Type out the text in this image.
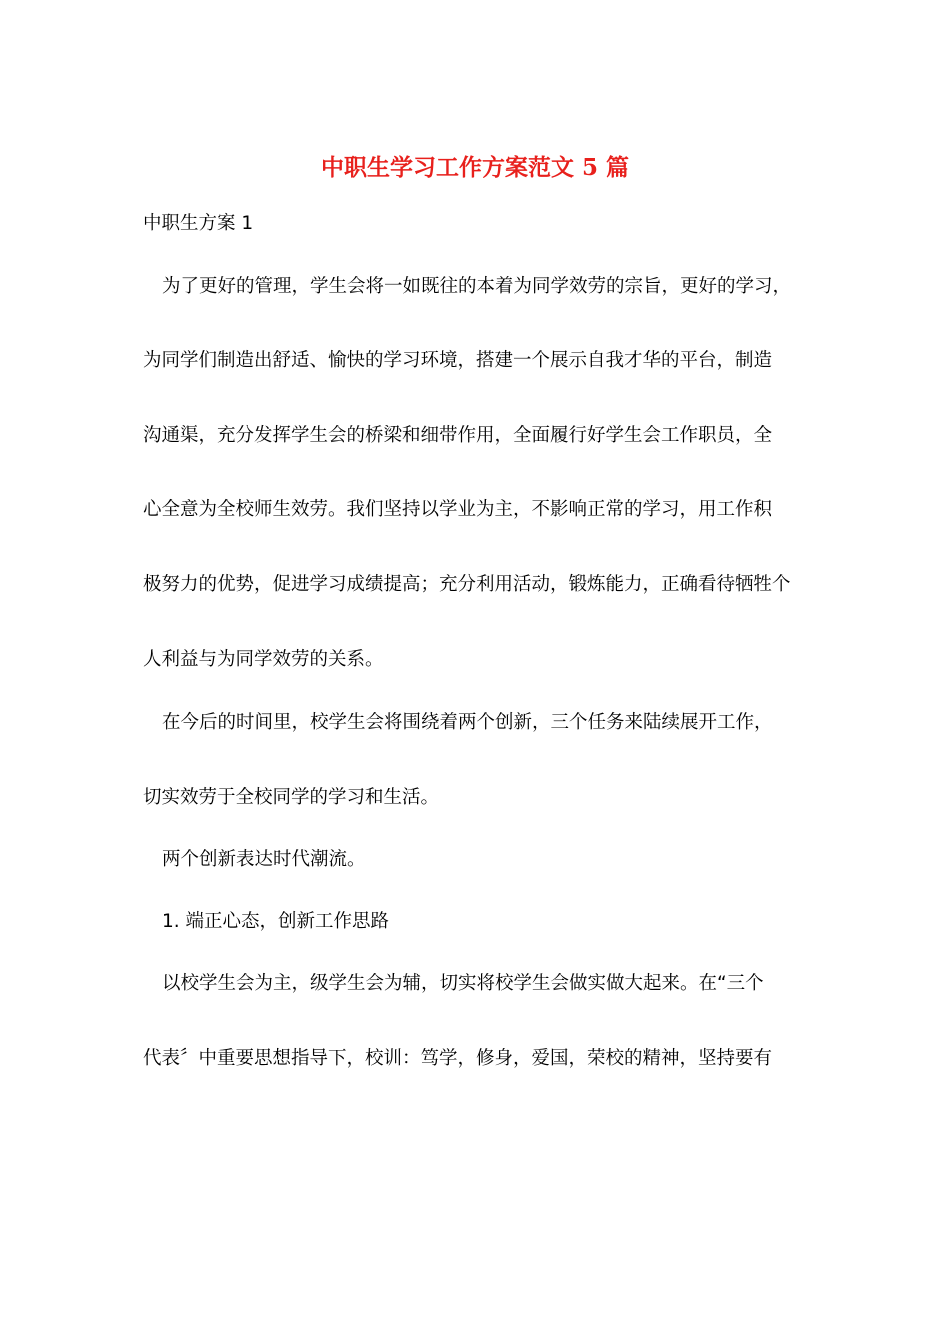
中职生学习工作方案范文 5 篇

中职生方案 1

为了更好的管理，学生会将一如既往的本着为同学效劳的宗旨，更好的学习，

为同学们制造出舒适、愉快的学习环境，搭建一个展示自我才华的平台，制造

沟通渠，充分发挥学生会的桥梁和细带作用，全面履行好学生会工作职员，全

心全意为全校师生效劳。我们坚持以学业为主，不影响正常的学习，用工作积

极努力的优势，促进学习成绩提高；充分利用活动，锻炼能力，正确看待牺牲个

人利益与为同学效劳的关系。

在今后的时间里，校学生会将围绕着两个创新，三个任务来陆续展开工作，

切实效劳于全校同学的学习和生活。

两个创新表达时代潮流。

1. 端正心态，创新工作思路

以校学生会为主，级学生会为辅，切实将校学生会做实做大起来。在“三个

代表〞中重要思想指导下，校训：笃学，修身，爱国，荣校的精神，坚持要有
